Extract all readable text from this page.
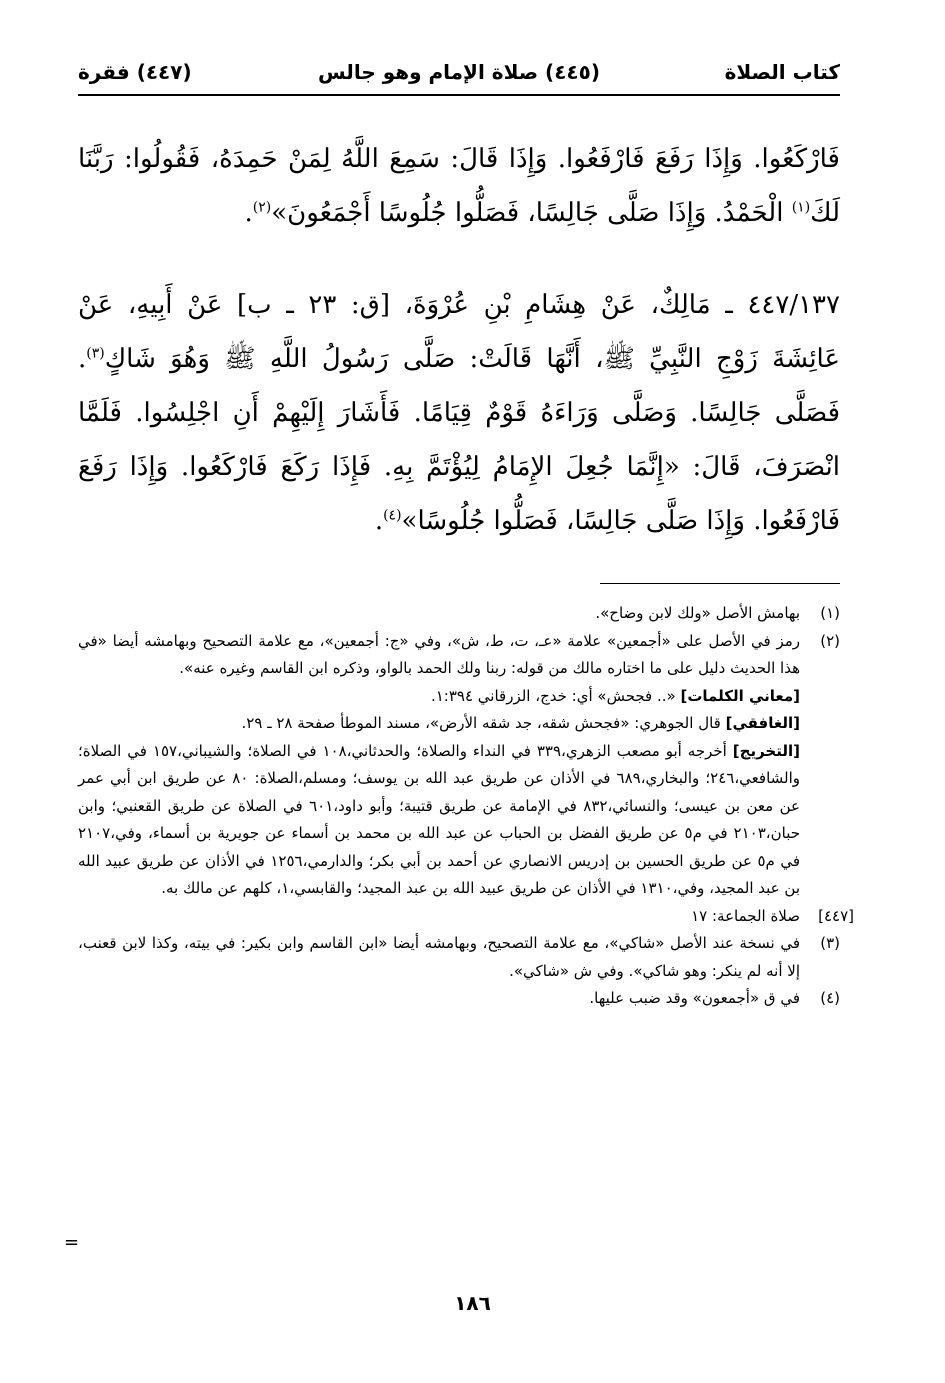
كتاب الصلاة
(٤٤٥) صلاة الإمام وهو جالس
(٤٤٧) فقرة
فَارْكَعُوا. وَإِذَا رَفَعَ فَارْفَعُوا. وَإِذَا قَالَ: سَمِعَ اللَّهُ لِمَنْ حَمِدَهُ، فَقُولُوا: رَبَّنَا
لَكَ$^{(١)}$ الْحَمْدُ. وَإِذَا صَلَّى جَالِسًا، فَصَلُّوا جُلُوسًا أَجْمَعُونَ»$^{(٢)}$.
٤٤٧/١٣٧ ـ مَالِكٌ، عَنْ هِشَامِ بْنِ عُرْوَةَ، [ق: ٢٣ ـ ب] عَنْ أَبِيهِ، عَنْ
عَائِشَةَ زَوْجِ النَّبِيِّ ﷺ، أَنَّهَا قَالَتْ: صَلَّى رَسُولُ اللَّهِ ﷺ وَهُوَ شَاكٍ$^{(٣)}$.
فَصَلَّى جَالِسًا. وَصَلَّى وَرَاءَهُ قَوْمٌ قِيَامًا. فَأَشَارَ إِلَيْهِمْ أَنِ اجْلِسُوا. فَلَمَّا
انْصَرَفَ، قَالَ: «إِنَّمَا جُعِلَ الإِمَامُ لِيُؤْتَمَّ بِهِ. فَإِذَا رَكَعَ فَارْكَعُوا. وَإِذَا رَفَعَ
فَارْفَعُوا. وَإِذَا صَلَّى جَالِسًا، فَصَلُّوا جُلُوسًا»$^{(٤)}$.
(١)
بهامش الأصل «ولك لابن وضاح».
(٢)
رمز في الأصل على «أجمعين» علامة «عـ، ت، ط، ش»، وفي «ج: أجمعين»، مع علامة التصحيح وبهامشه أيضا «في هذا الحديث دليل على ما اختاره مالك من قوله: ربنا ولك الحمد بالواو، وذكره ابن القاسم وغيره عنه».
[معاني الكلمات] «.. فجحش» أي: خدج، الزرقاني ١:٣٩٤.
[الغافقي] قال الجوهري: «فجحش شقه، جد شقه الأرض»، مسند الموطأ صفحة ٢٨ ـ ٢٩.
[التخريج] أخرجه أبو مصعب الزهري،٣٣٩ في النداء والصلاة؛ والحدثاني،١٠٨ في الصلاة؛ والشيباني،١٥٧ في الصلاة؛ والشافعي،٢٤٦؛ والبخاري،٦٨٩ في الأذان عن طريق عبد الله بن يوسف؛ ومسلم،الصلاة: ٨٠ عن طريق ابن أبي عمر عن معن بن عيسى؛ والنسائي،٨٣٢ في الإمامة عن طريق قتيبة؛ وأبو داود،٦٠١ في الصلاة عن طريق القعنبي؛ وابن حبان،٢١٠٣ في م٥ عن طريق الفضل بن الحباب عن عبد الله بن محمد بن أسماء عن جويرية بن أسماء، وفي،٢١٠٧ في م٥ عن طريق الحسين بن إدريس الانصاري عن أحمد بن أبي بكر؛ والدارمي،١٢٥٦ في الأذان عن طريق عبيد الله بن عبد المجيد، وفي،١٣١٠ في الأذان عن طريق عبيد الله بن عبد المجيد؛ والقابسي،١، كلهم عن مالك به.
[٤٤٧]
صلاة الجماعة: ١٧
(٣)
في نسخة عند الأصل «شاكي»، مع علامة التصحيح، وبهامشه أيضا «ابن القاسم وابن بكير: في بيته، وكذا لابن قعنب، إلا أنه لم ينكر: وهو شاكي». وفي ش «شاكي».
(٤)
في ق «أجمعون» وقد ضبب عليها.
=
١٨٦
